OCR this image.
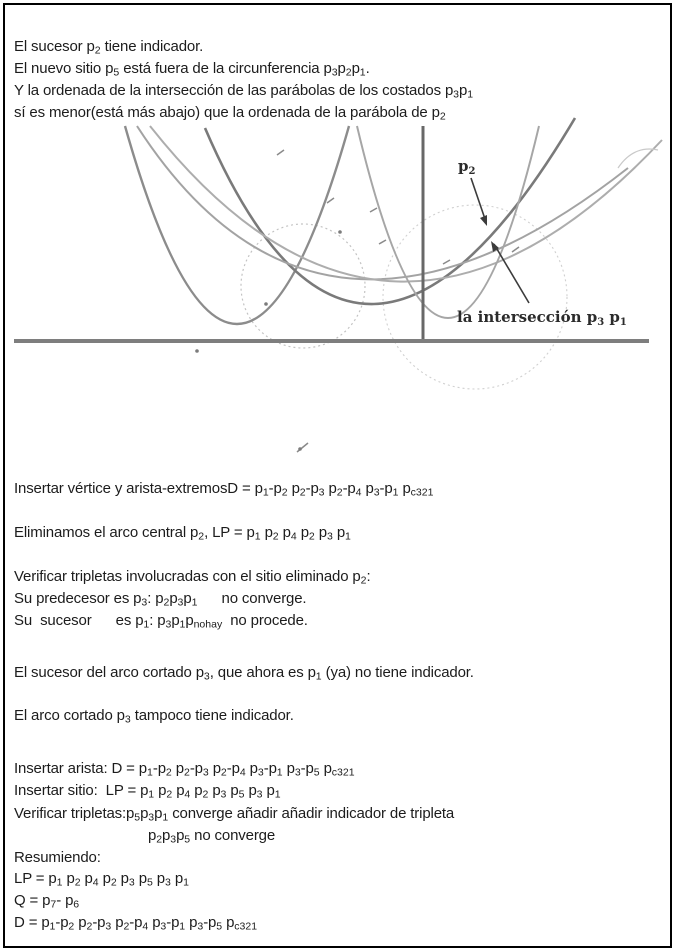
$p_2$
la intersección $p_3$ $p_1$
El sucesor $p_2$ tiene indicador.
El nuevo sitio $p_5$ está fuera de la circunferencia $p_3p_2p_1$.
Y la ordenada de la intersección de las parábolas de los costados $p_3p_1$
sí es menor(está más abajo) que la ordenada de la parábola de $p_2$
Insertar vértice y arista-extremosD = $p_1-p_2$ $p_2-p_3$ $p_2-p_4$ $p_3-p_1$ $p_{c321}$
Eliminamos el arco central $p_2$, LP = $p_1$ $p_2$ $p_4$ $p_2$ $p_3$ $p_1$
Verificar tripletas involucradas con el sitio eliminado $p_2$:
Su predecesor es $p_3$: $p_2p_3p_1$      no converge.
Su  sucesor      es $p_1$: $p_3p_1p_{nohay}$  no procede.
El sucesor del arco cortado $p_3$, que ahora es $p_1$ (ya) no tiene indicador.
El arco cortado $p_3$ tampoco tiene indicador.
Insertar arista: $D = p_1-p_2$ $p_2-p_3$ $p_2-p_4$ $p_3-p_1$ $p_3-p_5$ $p_{c321}$
Insertar sitio:  LP = $p_1$ $p_2$ $p_4$ $p_2$ $p_3$ $p_5$ $p_3$ $p_1$
Verificar $tripletas:p_5p_3p_1$ converge añadir añadir indicador de tripleta
$p_2p_3p_5$ no converge
Resumiendo:
LP = $p_1$ $p_2$ $p_4$ $p_2$ $p_3$ $p_5$ $p_3$ $p_1$
$Q = p_7-$ $p_6$
$D = p_1-p_2$ $p_2-p_3$ $p_2-p_4$ $p_3-p_1$ $p_3-p_5$ $p_{c321}$
